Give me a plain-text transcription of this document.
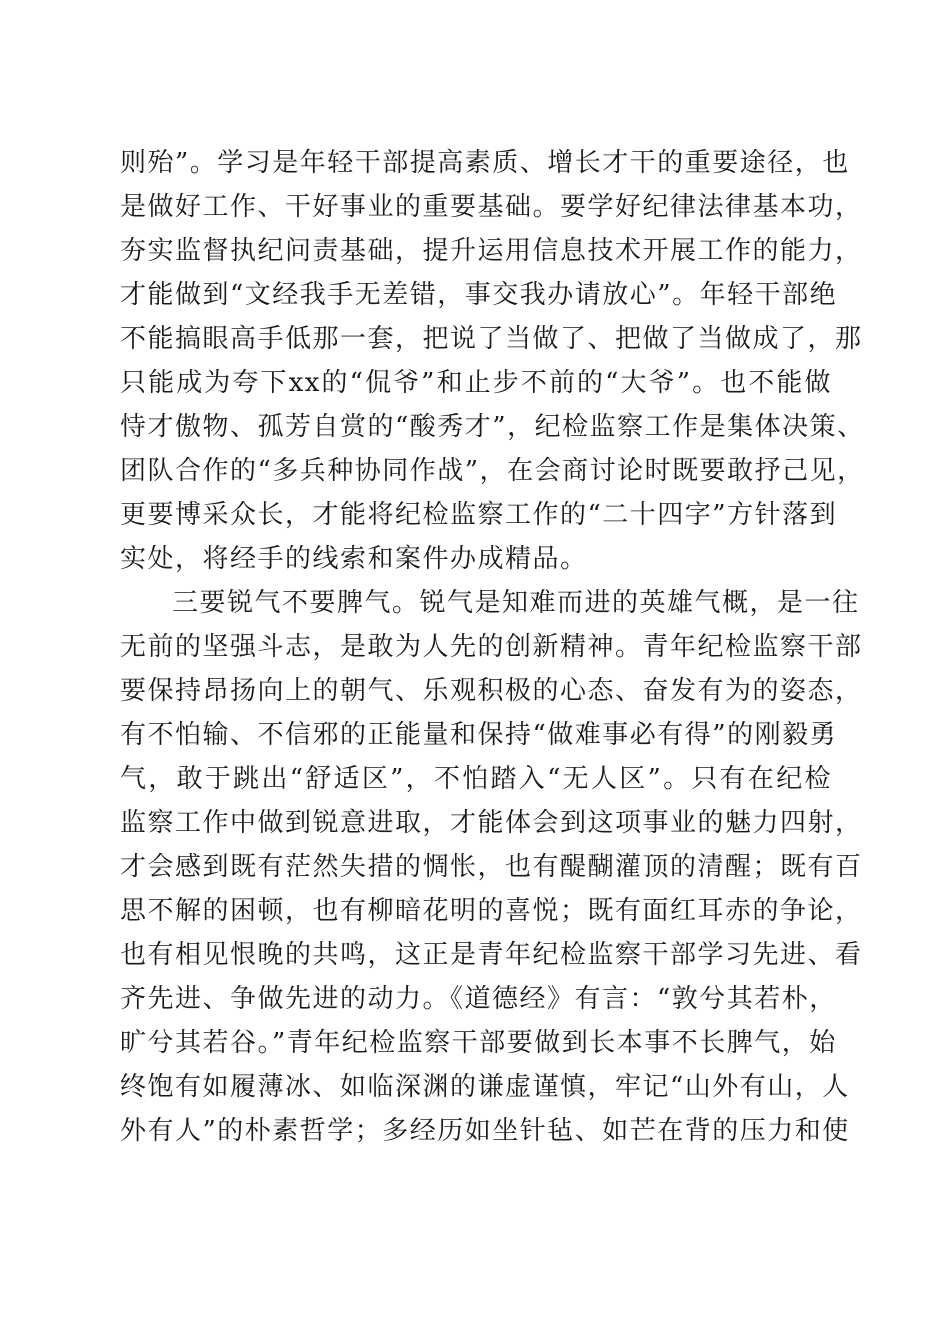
则殆”。学习是年轻干部提高素质、增长才干的重要途径，也
是做好工作、干好事业的重要基础。要学好纪律法律基本功，
夯实监督执纪问责基础，提升运用信息技术开展工作的能力，
才能做到“文经我手无差错，事交我办请放心”。年轻干部绝
不能搞眼高手低那一套，把说了当做了、把做了当做成了，那
只能成为夸下xx的“侃爷”和止步不前的“大爷”。也不能做
恃才傲物、孤芳自赏的“酸秀才”，纪检监察工作是集体决策、
团队合作的“多兵种协同作战”，在会商讨论时既要敢抒己见，
更要博采众长，才能将纪检监察工作的“二十四字”方针落到
实处，将经手的线索和案件办成精品。
三要锐气不要脾气。锐气是知难而进的英雄气概，是一往
无前的坚强斗志，是敢为人先的创新精神。青年纪检监察干部
要保持昂扬向上的朝气、乐观积极的心态、奋发有为的姿态，
有不怕输、不信邪的正能量和保持“做难事必有得”的刚毅勇
气，敢于跳出“舒适区”，不怕踏入“无人区”。只有在纪检
监察工作中做到锐意进取，才能体会到这项事业的魅力四射，
才会感到既有茫然失措的惆怅，也有醍醐灌顶的清醒；既有百
思不解的困顿，也有柳暗花明的喜悦；既有面红耳赤的争论，
也有相见恨晚的共鸣，这正是青年纪检监察干部学习先进、看
齐先进、争做先进的动力。《道德经》有言：“敦兮其若朴，
旷兮其若谷。”青年纪检监察干部要做到长本事不长脾气，始
终饱有如履薄冰、如临深渊的谦虚谨慎，牢记“山外有山，人
外有人”的朴素哲学；多经历如坐针毡、如芒在背的压力和使
